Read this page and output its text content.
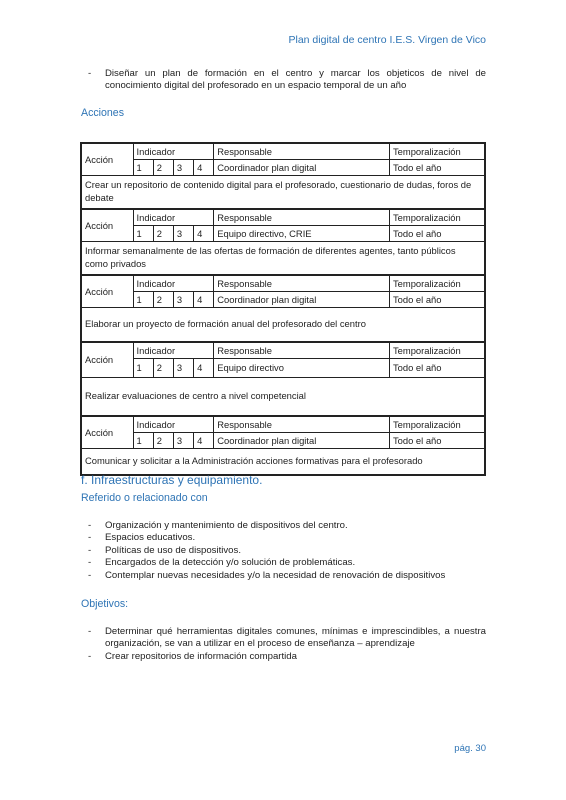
Plan digital de centro I.E.S. Virgen de Vico
- Diseñar un plan de formación en el centro y marcar los objeticos de nivel de conocimiento digital del profesorado en un espacio temporal de un año
Acciones
Acción	Indicador				Responsable	Temporalización
	1	2	3	4	Coordinador plan digital	Todo el año
Crear un repositorio de contenido digital para el profesorado, cuestionario de dudas, foros de debate						
Acción	Indicador				Responsable	Temporalización
	1	2	3	4	Equipo directivo, CRIE	Todo el año
Informar semanalmente de las ofertas de formación de diferentes agentes, tanto públicos como privados						
Acción	Indicador				Responsable	Temporalización
	1	2	3	4	Coordinador plan digital	Todo el año
Elaborar un proyecto de formación anual del profesorado del centro						
Acción	Indicador				Responsable	Temporalización
	1	2	3	4	Equipo directivo	Todo el año
Realizar evaluaciones de centro a nivel competencial						
Acción	Indicador				Responsable	Temporalización
	1	2	3	4	Coordinador plan digital	Todo el año
Comunicar y solicitar a la Administración acciones formativas para el profesorado						
f. Infraestructuras y equipamiento.
Referido o relacionado con
- Organización y mantenimiento de dispositivos del centro.
- Espacios educativos.
- Políticas de uso de dispositivos.
- Encargados de la detección y/o solución de problemáticas.
- Contemplar nuevas necesidades y/o la necesidad de renovación de dispositivos
Objetivos:
- Determinar qué herramientas digitales comunes, mínimas e imprescindibles, a nuestra organización, se van a utilizar en el proceso de enseñanza – aprendizaje
- Crear repositorios de información compartida
pág. 30
